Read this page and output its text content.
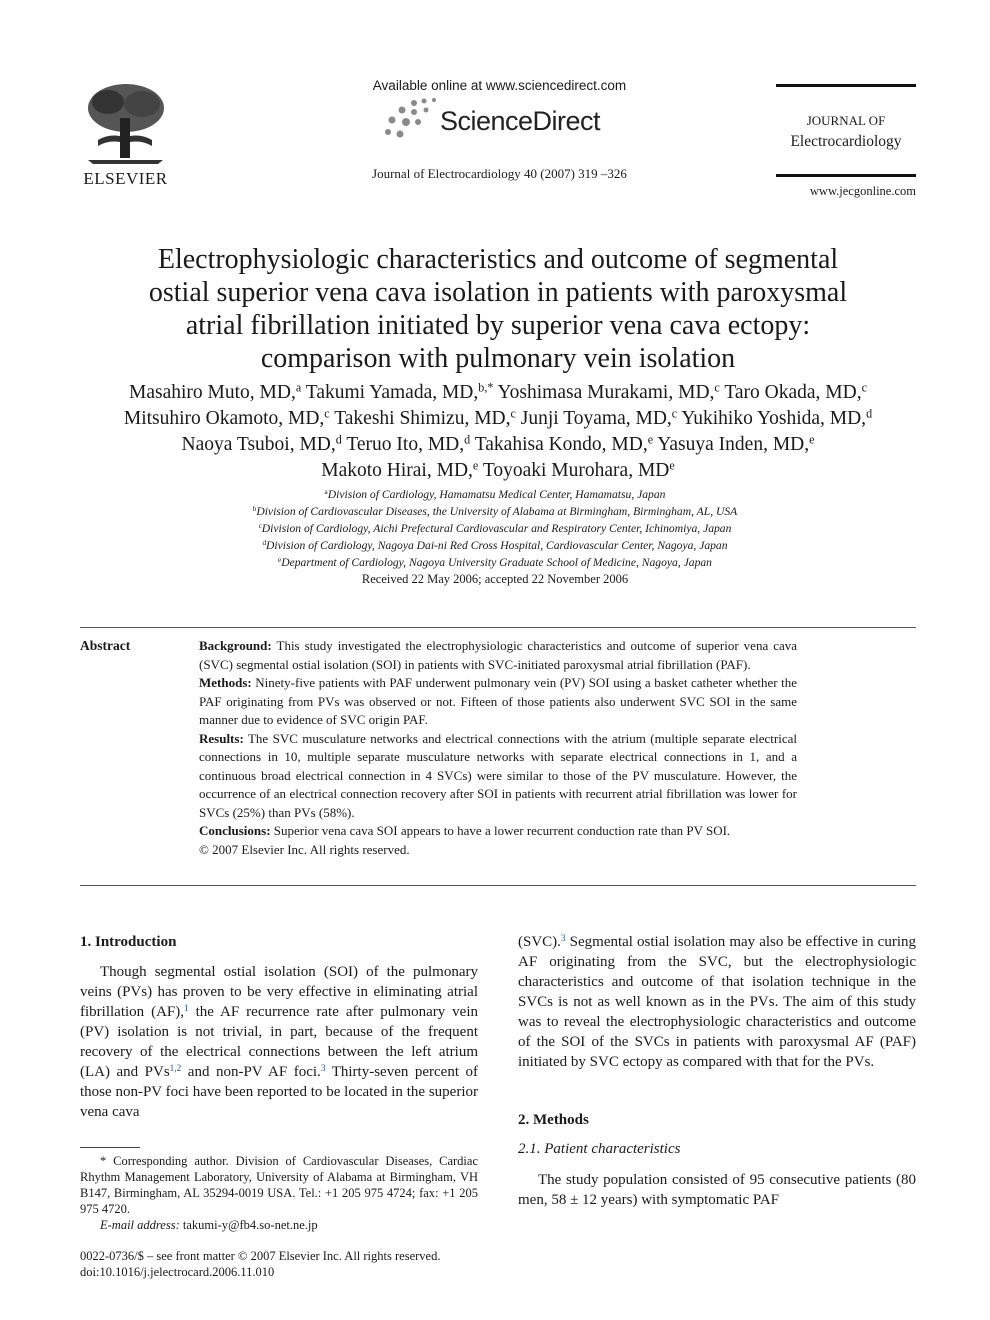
ELSEVIER
Available online at www.sciencedirect.com
ScienceDirect
Journal of Electrocardiology 40 (2007) 319 –326
JOURNAL OF
Electrocardiology
www.jecgonline.com
Electrophysiologic characteristics and outcome of segmental
ostial superior vena cava isolation in patients with paroxysmal
atrial fibrillation initiated by superior vena cava ectopy:
comparison with pulmonary vein isolation
Masahiro Muto, MD,$^a$ Takumi Yamada, MD,$^{b,*}$ Yoshimasa Murakami, MD,$^c$ Taro Okada, MD,$^c$
Mitsuhiro Okamoto, MD,$^c$ Takeshi Shimizu, MD,$^c$ Junji Toyama, MD,$^c$ Yukihiko Yoshida, MD,$^d$
Naoya Tsuboi, MD,$^d$ Teruo Ito, MD,$^d$ Takahisa Kondo, MD,$^e$ Yasuya Inden, MD,$^e$
Makoto Hirai, MD,$^e$ Toyoaki Murohara, MDe
$^a$Division of Cardiology, Hamamatsu Medical Center, Hamamatsu, Japan
$^b$Division of Cardiovascular Diseases, the University of Alabama at Birmingham, Birmingham, AL, USA
$^c$Division of Cardiology, Aichi Prefectural Cardiovascular and Respiratory Center, Ichinomiya, Japan
$^d$Division of Cardiology, Nagoya Dai-ni Red Cross Hospital, Cardiovascular Center, Nagoya, Japan
$^e$Department of Cardiology, Nagoya University Graduate School of Medicine, Nagoya, Japan
Received 22 May 2006; accepted 22 November 2006
Abstract	Background: This study investigated the electrophysiologic characteristics and outcome of superior vena cava (SVC) segmental ostial isolation (SOI) in patients with SVC-initiated paroxysmal atrial fibrillation (PAF).

Methods: Ninety-five patients with PAF underwent pulmonary vein (PV) SOI using a basket catheter whether the PAF originating from PVs was observed or not. Fifteen of those patients also underwent SVC SOI in the same manner due to evidence of SVC origin PAF.

Results: The SVC musculature networks and electrical connections with the atrium (multiple separate electrical connections in 10, multiple separate musculature networks with separate electrical connections in 1, and a continuous broad electrical connection in 4 SVCs) were similar to those of the PV musculature. However, the occurrence of an electrical connection recovery after SOI in patients with recurrent atrial fibrillation was lower for SVCs (25%) than PVs (58%).

Conclusions: Superior vena cava SOI appears to have a lower recurrent conduction rate than PV SOI.

© 2007 Elsevier Inc. All rights reserved.

1. Introduction

Though segmental ostial isolation (SOI) of the pulmonary veins (PVs) has proven to be very effective in eliminating atrial fibrillation (AF),$^1$ the AF recurrence rate after pulmonary vein (PV) isolation is not trivial, in part, because of the frequent recovery of the electrical connections between the left atrium (LA) and PVs$^{1,2}$ and non-PV AF foci.$^3$ Thirty-seven percent of those non-PV foci have been reported to be located in the superior vena cava

* Corresponding author. Division of Cardiovascular Diseases, Cardiac Rhythm Management Laboratory, University of Alabama at Birmingham, VH B147, Birmingham, AL 35294-0019 USA. Tel.: +1 205 975 4724; fax: +1 205 975 4720.

E-mail address: takumi-y@fb4.so-net.ne.jp

0022-0736/$ – see front matter © 2007 Elsevier Inc. All rights reserved.

doi:10.1016/j.jelectrocard.2006.11.010

(SVC).$^3$ Segmental ostial isolation may also be effective in curing AF originating from the SVC, but the electrophysiologic characteristics and outcome of that isolation technique in the SVCs is not as well known as in the PVs. The aim of this study was to reveal the electrophysiologic characteristics and outcome of the SOI of the SVCs in patients with paroxysmal AF (PAF) initiated by SVC ectopy as compared with that for the PVs.

2. Methods
2.1. Patient characteristics

The study population consisted of 95 consecutive patients (80 men, 58 ± 12 years) with symptomatic PAF
